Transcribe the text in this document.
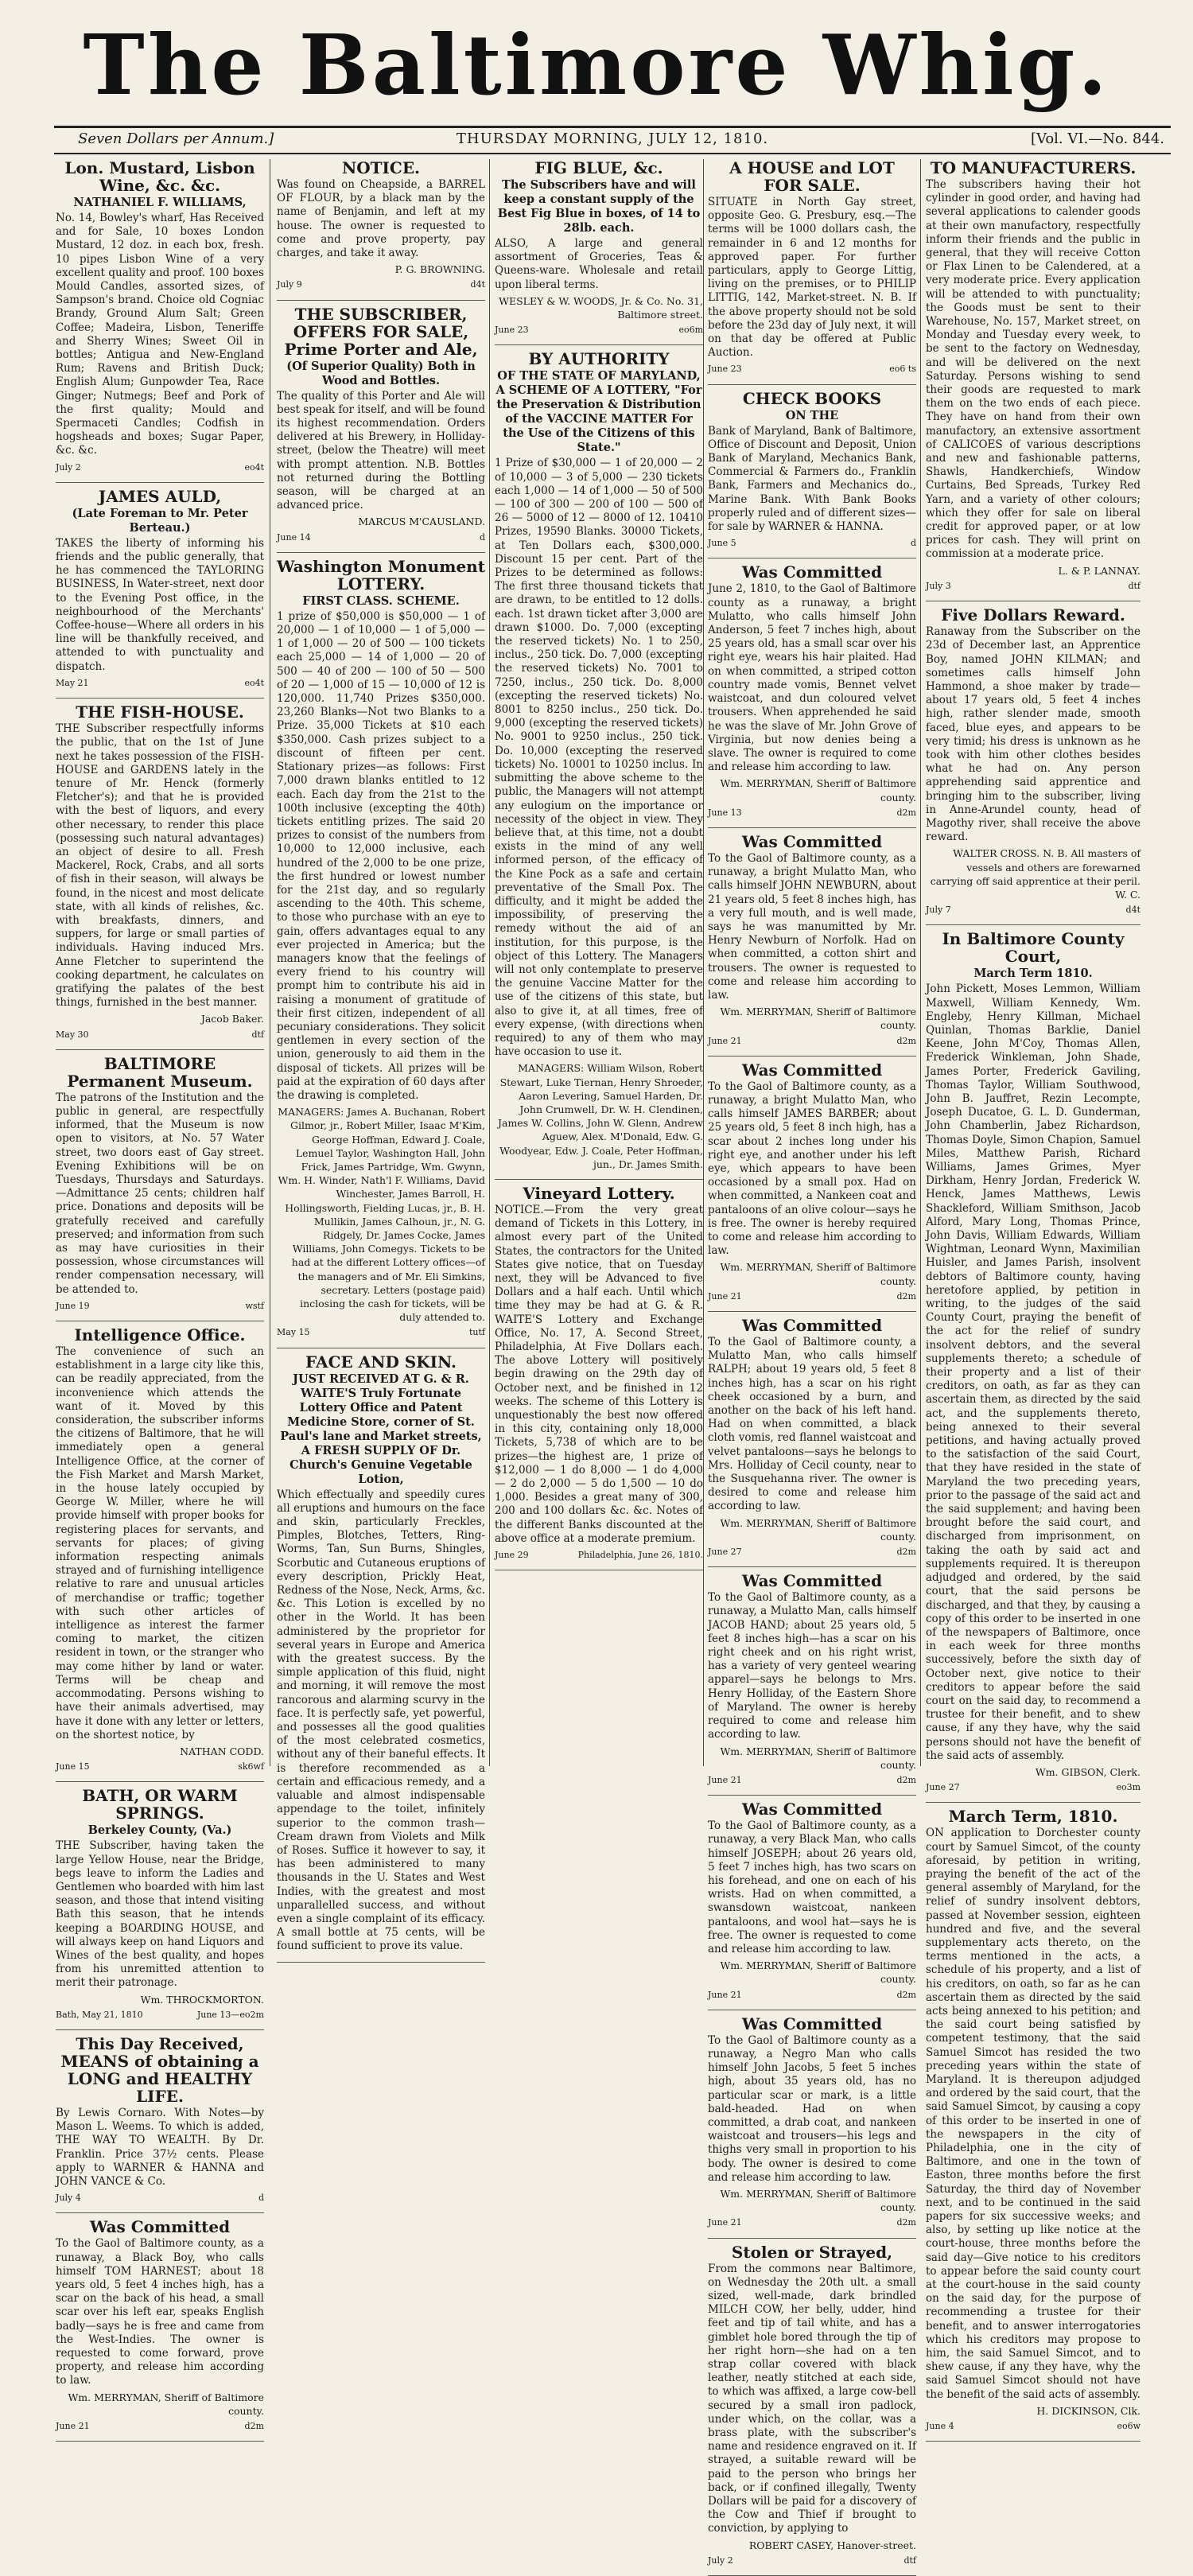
The Baltimore Whig.
Seven Dollars per Annum.]	THURSDAY MORNING, JULY 12, 1810.	[Vol. VI.—No. 844.
Lon. Mustard, Lisbon Wine, &c. &c.
NATHANIEL F. WILLIAMS,

No. 14, Bowley's wharf, Has Received and for Sale, 10 boxes London Mustard, 12 doz. in each box, fresh. 10 pipes Lisbon Wine of a very excellent quality and proof. 100 boxes Mould Candles, assorted sizes, of Sampson's brand. Choice old Cogniac Brandy, Ground Alum Salt; Green Coffee; Madeira, Lisbon, Teneriffe and Sherry Wines; Sweet Oil in bottles; Antigua and New-England Rum; Ravens and British Duck; English Alum; Gunpowder Tea, Race Ginger; Nutmegs; Beef and Pork of the first quality; Mould and Spermaceti Candles; Codfish in hogsheads and boxes; Sugar Paper, &c. &c.

July 2	eo4t
JAMES AULD,
(Late Foreman to Mr. Peter Berteau.)

TAKES the liberty of informing his friends and the public generally, that he has commenced the TAYLORING BUSINESS, In Water-street, next door to the Evening Post office, in the neighbourhood of the Merchants' Coffee-house—Where all orders in his line will be thankfully received, and attended to with punctuality and dispatch.

May 21	eo4t
THE FISH-HOUSE.

THE Subscriber respectfully informs the public, that on the 1st of June next he takes possession of the FISH-HOUSE and GARDENS lately in the tenure of Mr. Henck (formerly Fletcher's); and that he is provided with the best of liquors, and every other necessary, to render this place (possessing such natural advantages) an object of desire to all. Fresh Mackerel, Rock, Crabs, and all sorts of fish in their season, will always be found, in the nicest and most delicate state, with all kinds of relishes, &c. with breakfasts, dinners, and suppers, for large or small parties of individuals. Having induced Mrs. Anne Fletcher to superintend the cooking department, he calculates on gratifying the palates of the best things, furnished in the best manner.

Jacob Baker.

May 30	dtf
BALTIMORE Permanent Museum.

The patrons of the Institution and the public in general, are respectfully informed, that the Museum is now open to visitors, at No. 57 Water street, two doors east of Gay street. Evening Exhibitions will be on Tuesdays, Thursdays and Saturdays.—Admittance 25 cents; children half price. Donations and deposits will be gratefully received and carefully preserved; and information from such as may have curiosities in their possession, whose circumstances will render compensation necessary, will be attended to.

June 19	wstf
Intelligence Office.

The convenience of such an establishment in a large city like this, can be readily appreciated, from the inconvenience which attends the want of it. Moved by this consideration, the subscriber informs the citizens of Baltimore, that he will immediately open a general Intelligence Office, at the corner of the Fish Market and Marsh Market, in the house lately occupied by George W. Miller, where he will provide himself with proper books for registering places for servants, and servants for places; of giving information respecting animals strayed and of furnishing intelligence relative to rare and unusual articles of merchandise or traffic; together with such other articles of intelligence as interest the farmer coming to market, the citizen resident in town, or the stranger who may come hither by land or water. Terms will be cheap and accommodating. Persons wishing to have their animals advertised, may have it done with any letter or letters, on the shortest notice, by

NATHAN CODD.

June 15	sk6wf
BATH, OR WARM SPRINGS.
Berkeley County, (Va.)

THE Subscriber, having taken the large Yellow House, near the Bridge, begs leave to inform the Ladies and Gentlemen who boarded with him last season, and those that intend visiting Bath this season, that he intends keeping a BOARDING HOUSE, and will always keep on hand Liquors and Wines of the best quality, and hopes from his unremitted attention to merit their patronage.

Wm. THROCKMORTON.

Bath, May 21, 1810	June 13—eo2m
This Day Received, MEANS of obtaining a LONG and HEALTHY LIFE.

By Lewis Cornaro. With Notes—by Mason L. Weems. To which is added, THE WAY TO WEALTH. By Dr. Franklin. Price 37½ cents. Please apply to WARNER & HANNA and JOHN VANCE & Co.

July 4	d
Was Committed

To the Gaol of Baltimore county, as a runaway, a Black Boy, who calls himself TOM HARNEST; about 18 years old, 5 feet 4 inches high, has a scar on the back of his head, a small scar over his left ear, speaks English badly—says he is free and came from the West-Indies. The owner is requested to come forward, prove property, and release him according to law.

Wm. MERRYMAN, Sheriff of Baltimore county.

June 21	d2m
NOTICE.

Was found on Cheapside, a BARREL OF FLOUR, by a black man by the name of Benjamin, and left at my house. The owner is requested to come and prove property, pay charges, and take it away.

P. G. BROWNING.

July 9	d4t
THE SUBSCRIBER, OFFERS FOR SALE, Prime Porter and Ale,
(Of Superior Quality) Both in Wood and Bottles.

The quality of this Porter and Ale will best speak for itself, and will be found its highest recommendation. Orders delivered at his Brewery, in Holliday-street, (below the Theatre) will meet with prompt attention. N.B. Bottles not returned during the Bottling season, will be charged at an advanced price.

MARCUS M'CAUSLAND.

June 14	d
Washington Monument LOTTERY.
FIRST CLASS. SCHEME.

1 prize of $50,000 is $50,000 — 1 of 20,000 — 1 of 10,000 — 1 of 5,000 — 1 of 1,000 — 20 of 500 — 100 tickets each 25,000 — 14 of 1,000 — 20 of 500 — 40 of 200 — 100 of 50 — 500 of 20 — 1,000 of 15 — 10,000 of 12 is 120,000. 11,740 Prizes $350,000. 23,260 Blanks—Not two Blanks to a Prize. 35,000 Tickets at $10 each $350,000. Cash prizes subject to a discount of fifteen per cent. Stationary prizes—as follows: First 7,000 drawn blanks entitled to 12 each. Each day from the 21st to the 100th inclusive (excepting the 40th) tickets entitling prizes. The said 20 prizes to consist of the numbers from 10,000 to 12,000 inclusive, each hundred of the 2,000 to be one prize, the first hundred or lowest number for the 21st day, and so regularly ascending to the 40th. This scheme, to those who purchase with an eye to gain, offers advantages equal to any ever projected in America; but the managers know that the feelings of every friend to his country will prompt him to contribute his aid in raising a monument of gratitude of their first citizen, independent of all pecuniary considerations. They solicit gentlemen in every section of the union, generously to aid them in the disposal of tickets. All prizes will be paid at the expiration of 60 days after the drawing is completed.

MANAGERS: James A. Buchanan, Robert Gilmor, jr., Robert Miller, Isaac M'Kim, George Hoffman, Edward J. Coale, Lemuel Taylor, Washington Hall, John Frick, James Partridge, Wm. Gwynn, Wm. H. Winder, Nath'l F. Williams, David Winchester, James Barroll, H. Hollingsworth, Fielding Lucas, jr., B. H. Mullikin, James Calhoun, jr., N. G. Ridgely, Dr. James Cocke, James Williams, John Comegys. Tickets to be had at the different Lottery offices—of the managers and of Mr. Eli Simkins, secretary. Letters (postage paid) inclosing the cash for tickets, will be duly attended to.

May 15	tutf
FACE AND SKIN.
JUST RECEIVED AT G. & R. WAITE'S Truly Fortunate Lottery Office and Patent Medicine Store, corner of St. Paul's lane and Market streets, A FRESH SUPPLY OF Dr. Church's Genuine Vegetable Lotion,

Which effectually and speedily cures all eruptions and humours on the face and skin, particularly Freckles, Pimples, Blotches, Tetters, Ring-Worms, Tan, Sun Burns, Shingles, Scorbutic and Cutaneous eruptions of every description, Prickly Heat, Redness of the Nose, Neck, Arms, &c. &c. This Lotion is excelled by no other in the World. It has been administered by the proprietor for several years in Europe and America with the greatest success. By the simple application of this fluid, night and morning, it will remove the most rancorous and alarming scurvy in the face. It is perfectly safe, yet powerful, and possesses all the good qualities of the most celebrated cosmetics, without any of their baneful effects. It is therefore recommended as a certain and efficacious remedy, and a valuable and almost indispensable appendage to the toilet, infinitely superior to the common trash—Cream drawn from Violets and Milk of Roses. Suffice it however to say, it has been administered to many thousands in the U. States and West Indies, with the greatest and most unparallelled success, and without even a single complaint of its efficacy. A small bottle at 75 cents, will be found sufficient to prove its value.

FIG BLUE, &c.
The Subscribers have and will keep a constant supply of the Best Fig Blue in boxes, of 14 to 28lb. each.

ALSO, A large and general assortment of Groceries, Teas & Queens-ware. Wholesale and retail upon liberal terms.

WESLEY & W. WOODS, Jr. & Co. No. 31, Baltimore street.

June 23	eo6m
BY AUTHORITY
OF THE STATE OF MARYLAND, A SCHEME OF A LOTTERY, "For the Preservation & Distribution of the VACCINE MATTER For the Use of the Citizens of this State."

1 Prize of $30,000 — 1 of 20,000 — 2 of 10,000 — 3 of 5,000 — 230 tickets each 1,000 — 14 of 1,000 — 50 of 500 — 100 of 300 — 200 of 100 — 500 of 26 — 5000 of 12 — 8000 of 12. 10410 Prizes, 19590 Blanks. 30000 Tickets, at Ten Dollars each, $300,000. Discount 15 per cent. Part of the Prizes to be determined as follows: The first three thousand tickets that are drawn, to be entitled to 12 dolls. each. 1st drawn ticket after 3,000 are drawn $1000. Do. 7,000 (excepting the reserved tickets) No. 1 to 250, inclus., 250 tick. Do. 7,000 (excepting the reserved tickets) No. 7001 to 7250, inclus., 250 tick. Do. 8,000 (excepting the reserved tickets) No. 8001 to 8250 inclus., 250 tick. Do. 9,000 (excepting the reserved tickets) No. 9001 to 9250 inclus., 250 tick. Do. 10,000 (excepting the reserved tickets) No. 10001 to 10250 inclus. In submitting the above scheme to the public, the Managers will not attempt any eulogium on the importance or necessity of the object in view. They believe that, at this time, not a doubt exists in the mind of any well informed person, of the efficacy of the Kine Pock as a safe and certain preventative of the Small Pox. The difficulty, and it might be added the impossibility, of preserving the remedy without the aid of an institution, for this purpose, is the object of this Lottery. The Managers will not only contemplate to preserve the genuine Vaccine Matter for the use of the citizens of this state, but also to give it, at all times, free of every expense, (with directions when required) to any of them who may have occasion to use it.

MANAGERS: William Wilson, Robert Stewart, Luke Tiernan, Henry Shroeder, Aaron Levering, Samuel Harden, Dr. John Crumwell, Dr. W. H. Clendinen, James W. Collins, John W. Glenn, Andrew Aguew, Alex. M'Donald, Edw. G. Woodyear, Edw. J. Coale, Peter Hoffman, jun., Dr. James Smith.

Vineyard Lottery.

NOTICE.—From the very great demand of Tickets in this Lottery, in almost every part of the United States, the contractors for the United States give notice, that on Tuesday next, they will be Advanced to five Dollars and a half each. Until which time they may be had at G. & R. WAITE'S Lottery and Exchange Office, No. 17, A. Second Street, Philadelphia, At Five Dollars each. The above Lottery will positively begin drawing on the 29th day of October next, and be finished in 12 weeks. The scheme of this Lottery is unquestionably the best now offered in this city, containing only 18,000 Tickets, 5,738 of which are to be prizes—the highest are, 1 prize of $12,000 — 1 do 8,000 — 1 do 4,000 — 2 do 2,000 — 5 do 1,500 — 10 do 1,000. Besides a great many of 300, 200 and 100 dollars &c. &c. Notes of the different Banks discounted at the above office at a moderate premium.

June 29	Philadelphia, June 26, 1810.
A HOUSE and LOT FOR SALE.

SITUATE in North Gay street, opposite Geo. G. Presbury, esq.—The terms will be 1000 dollars cash, the remainder in 6 and 12 months for approved paper. For further particulars, apply to George Littig, living on the premises, or to PHILIP LITTIG, 142, Market-street. N. B. If the above property should not be sold before the 23d day of July next, it will on that day be offered at Public Auction.

June 23	eo6 ts
CHECK BOOKS
ON THE

Bank of Maryland, Bank of Baltimore, Office of Discount and Deposit, Union Bank of Maryland, Mechanics Bank, Commercial & Farmers do., Franklin Bank, Farmers and Mechanics do., Marine Bank. With Bank Books properly ruled and of different sizes—for sale by WARNER & HANNA.

June 5	d
Was Committed

June 2, 1810, to the Gaol of Baltimore county as a runaway, a bright Mulatto, who calls himself John Anderson, 5 feet 7 inches high, about 25 years old, has a small scar over his right eye, wears his hair plaited. Had on when committed, a striped cotton country made vomis, Bennet velvet waistcoat, and dun coloured velvet trousers. When apprehended he said he was the slave of Mr. John Grove of Virginia, but now denies being a slave. The owner is required to come and release him according to law.

Wm. MERRYMAN, Sheriff of Baltimore county.

June 13	d2m
Was Committed

To the Gaol of Baltimore county, as a runaway, a bright Mulatto Man, who calls himself JOHN NEWBURN, about 21 years old, 5 feet 8 inches high, has a very full mouth, and is well made, says he was manumitted by Mr. Henry Newburn of Norfolk. Had on when committed, a cotton shirt and trousers. The owner is requested to come and release him according to law.

Wm. MERRYMAN, Sheriff of Baltimore county.

June 21	d2m
Was Committed

To the Gaol of Baltimore county, as a runaway, a bright Mulatto Man, who calls himself JAMES BARBER; about 25 years old, 5 feet 8 inch high, has a scar about 2 inches long under his right eye, and another under his left eye, which appears to have been occasioned by a small pox. Had on when committed, a Nankeen coat and pantaloons of an olive colour—says he is free. The owner is hereby required to come and release him according to law.

Wm. MERRYMAN, Sheriff of Baltimore county.

June 21	d2m
Was Committed

To the Gaol of Baltimore county, a Mulatto Man, who calls himself RALPH; about 19 years old, 5 feet 8 inches high, has a scar on his right cheek occasioned by a burn, and another on the back of his left hand. Had on when committed, a black cloth vomis, red flannel waistcoat and velvet pantaloons—says he belongs to Mrs. Holliday of Cecil county, near to the Susquehanna river. The owner is desired to come and release him according to law.

Wm. MERRYMAN, Sheriff of Baltimore county.

June 27	d2m
Was Committed

To the Gaol of Baltimore county, as a runaway, a Mulatto Man, calls himself JACOB HAND; about 25 years old, 5 feet 8 inches high—has a scar on his right cheek and on his right wrist, has a variety of very genteel wearing apparel—says he belongs to Mrs. Henry Holliday, of the Eastern Shore of Maryland. The owner is hereby required to come and release him according to law.

Wm. MERRYMAN, Sheriff of Baltimore county.

June 21	d2m
Was Committed

To the Gaol of Baltimore county, as a runaway, a very Black Man, who calls himself JOSEPH; about 26 years old, 5 feet 7 inches high, has two scars on his forehead, and one on each of his wrists. Had on when committed, a swansdown waistcoat, nankeen pantaloons, and wool hat—says he is free. The owner is requested to come and release him according to law.

Wm. MERRYMAN, Sheriff of Baltimore county.

June 21	d2m
Was Committed

To the Gaol of Baltimore county as a runaway, a Negro Man who calls himself John Jacobs, 5 feet 5 inches high, about 35 years old, has no particular scar or mark, is a little bald-headed. Had on when committed, a drab coat, and nankeen waistcoat and trousers—his legs and thighs very small in proportion to his body. The owner is desired to come and release him according to law.

Wm. MERRYMAN, Sheriff of Baltimore county.

June 21	d2m
Stolen or Strayed,

From the commons near Baltimore, on Wednesday the 20th ult. a small sized, well-made, dark brindled MILCH COW, her belly, udder, hind feet and tip of tail white, and has a gimblet hole bored through the tip of her right horn—she had on a ten strap collar covered with black leather, neatly stitched at each side, to which was affixed, a large cow-bell secured by a small iron padlock, under which, on the collar, was a brass plate, with the subscriber's name and residence engraved on it. If strayed, a suitable reward will be paid to the person who brings her back, or if confined illegally, Twenty Dollars will be paid for a discovery of the Cow and Thief if brought to conviction, by applying to

ROBERT CASEY, Hanover-street.

July 2	dtf
TO MANUFACTURERS.

The subscribers having their hot cylinder in good order, and having had several applications to calender goods at their own manufactory, respectfully inform their friends and the public in general, that they will receive Cotton or Flax Linen to be Calendered, at a very moderate price. Every application will be attended to with punctuality; the Goods must be sent to their Warehouse, No. 157, Market street, on Monday and Tuesday every week, to be sent to the factory on Wednesday, and will be delivered on the next Saturday. Persons wishing to send their goods are requested to mark them on the two ends of each piece. They have on hand from their own manufactory, an extensive assortment of CALICOES of various descriptions and new and fashionable patterns, Shawls, Handkerchiefs, Window Curtains, Bed Spreads, Turkey Red Yarn, and a variety of other colours; which they offer for sale on liberal credit for approved paper, or at low prices for cash. They will print on commission at a moderate price.

L. & P. LANNAY.

July 3	dtf
Five Dollars Reward.

Ranaway from the Subscriber on the 23d of December last, an Apprentice Boy, named JOHN KILMAN; and sometimes calls himself John Hammond, a shoe maker by trade—about 17 years old, 5 feet 4 inches high, rather slender made, smooth faced, blue eyes, and appears to be very timid; his dress is unknown as he took with him other clothes besides what he had on. Any person apprehending said apprentice and bringing him to the subscriber, living in Anne-Arundel county, head of Magothy river, shall receive the above reward.

WALTER CROSS. N. B. All masters of vessels and others are forewarned carrying off said apprentice at their peril. W. C.

July 7	d4t
In Baltimore County Court,
March Term 1810.

John Pickett, Moses Lemmon, William Maxwell, William Kennedy, Wm. Engleby, Henry Killman, Michael Quinlan, Thomas Barklie, Daniel Keene, John M'Coy, Thomas Allen, Frederick Winkleman, John Shade, James Porter, Frederick Gaviling, Thomas Taylor, William Southwood, John B. Jauffret, Rezin Lecompte, Joseph Ducatoe, G. L. D. Gunderman, John Chamberlin, Jabez Richardson, Thomas Doyle, Simon Chapion, Samuel Miles, Matthew Parish, Richard Williams, James Grimes, Myer Dirkham, Henry Jordan, Frederick W. Henck, James Matthews, Lewis Shackleford, William Smithson, Jacob Alford, Mary Long, Thomas Prince, John Davis, William Edwards, William Wightman, Leonard Wynn, Maximilian Huisler, and James Parish, insolvent debtors of Baltimore county, having heretofore applied, by petition in writing, to the judges of the said County Court, praying the benefit of the act for the relief of sundry insolvent debtors, and the several supplements thereto; a schedule of their property and a list of their creditors, on oath, as far as they can ascertain them, as directed by the said act, and the supplements thereto, being annexed to their several petitions, and having actually proved to the satisfaction of the said Court, that they have resided in the state of Maryland the two preceding years, prior to the passage of the said act and the said supplement; and having been brought before the said court, and discharged from imprisonment, on taking the oath by said act and supplements required. It is thereupon adjudged and ordered, by the said court, that the said persons be discharged, and that they, by causing a copy of this order to be inserted in one of the newspapers of Baltimore, once in each week for three months successively, before the sixth day of October next, give notice to their creditors to appear before the said court on the said day, to recommend a trustee for their benefit, and to shew cause, if any they have, why the said persons should not have the benefit of the said acts of assembly.

Wm. GIBSON, Clerk.

June 27	eo3m
March Term, 1810.

ON application to Dorchester county court by Samuel Simcot, of the county aforesaid, by petition in writing, praying the benefit of the act of the general assembly of Maryland, for the relief of sundry insolvent debtors, passed at November session, eighteen hundred and five, and the several supplementary acts thereto, on the terms mentioned in the acts, a schedule of his property, and a list of his creditors, on oath, so far as he can ascertain them as directed by the said acts being annexed to his petition; and the said court being satisfied by competent testimony, that the said Samuel Simcot has resided the two preceding years within the state of Maryland. It is thereupon adjudged and ordered by the said court, that the said Samuel Simcot, by causing a copy of this order to be inserted in one of the newspapers in the city of Philadelphia, one in the city of Baltimore, and one in the town of Easton, three months before the first Saturday, the third day of November next, and to be continued in the said papers for six successive weeks; and also, by setting up like notice at the court-house, three months before the said day—Give notice to his creditors to appear before the said county court at the court-house in the said county on the said day, for the purpose of recommending a trustee for their benefit, and to answer interrogatories which his creditors may propose to him, the said Samuel Simcot, and to shew cause, if any they have, why the said Samuel Simcot should not have the benefit of the said acts of assembly.

H. DICKINSON, Clk.

June 4	eo6w
